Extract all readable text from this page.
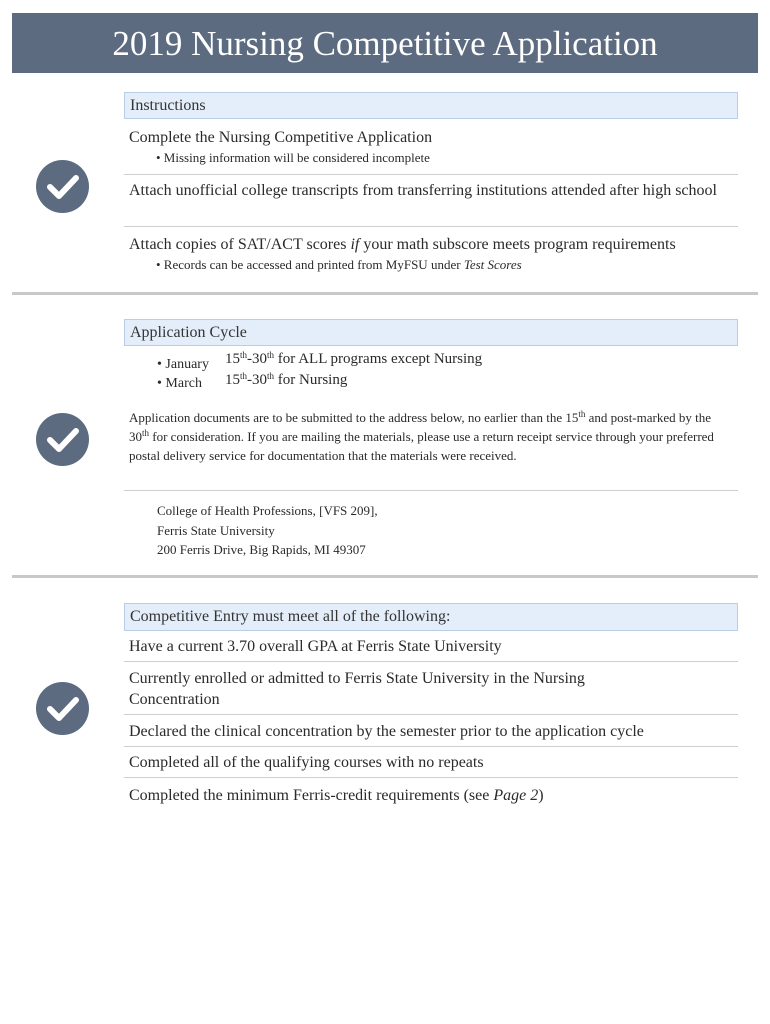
2019 Nursing Competitive Application
Instructions
Complete the Nursing Competitive Application
• Missing information will be considered incomplete
Attach unofficial college transcripts from transferring institutions attended after high school
Attach copies of SAT/ACT scores if your math subscore meets program requirements
• Records can be accessed and printed from MyFSU under Test Scores
Application Cycle
• January 15th-30th for ALL programs except Nursing
• March 15th-30th for Nursing
Application documents are to be submitted to the address below, no earlier than the 15th and post-marked by the 30th for consideration. If you are mailing the materials, please use a return receipt service through your preferred postal delivery service for documentation that the materials were received.
College of Health Professions, [VFS 209],
Ferris State University
200 Ferris Drive, Big Rapids, MI 49307
Competitive Entry must meet all of the following:
Have a current 3.70 overall GPA at Ferris State University
Currently enrolled or admitted to Ferris State University in the Nursing Concentration
Declared the clinical concentration by the semester prior to the application cycle
Completed all of the qualifying courses with no repeats
Completed the minimum Ferris-credit requirements (see Page 2)
